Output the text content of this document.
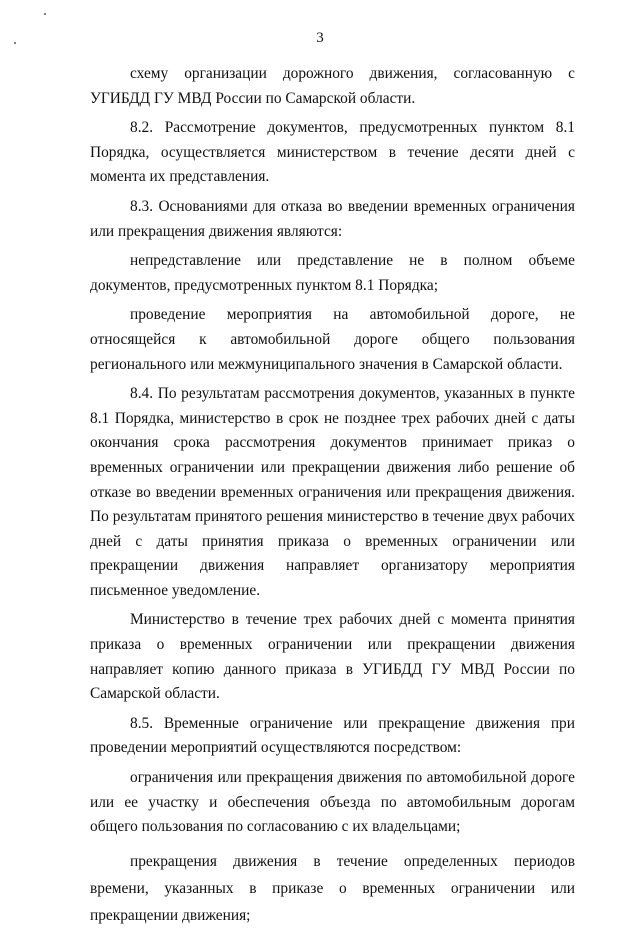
3

схему организации дорожного движения, согласованную с УГИБДД ГУ МВД России по Самарской области.

8.2. Рассмотрение документов, предусмотренных пунктом 8.1 Порядка, осуществляется министерством в течение десяти дней с момента их представления.

8.3. Основаниями для отказа во введении временных ограничения или прекращения движения являются:

непредставление или представление не в полном объеме документов, предусмотренных пунктом 8.1 Порядка;

проведение мероприятия на автомобильной дороге, не относящейся к автомобильной дороге общего пользования регионального или межмуниципального значения в Самарской области.

8.4. По результатам рассмотрения документов, указанных в пункте 8.1 Порядка, министерство в срок не позднее трех рабочих дней с даты окончания срока рассмотрения документов принимает приказ о временных ограничении или прекращении движения либо решение об отказе во введении временных ограничения или прекращения движения. По результатам принятого решения министерство в течение двух рабочих дней с даты принятия приказа о временных ограничении или прекращении движения направляет организатору мероприятия письменное уведомление.

Министерство в течение трех рабочих дней с момента принятия приказа о временных ограничении или прекращении движения направляет копию данного приказа в УГИБДД ГУ МВД России по Самарской области.

8.5. Временные ограничение или прекращение движения при проведении мероприятий осуществляются посредством:

ограничения или прекращения движения по автомобильной дороге или ее участку и обеспечения объезда по автомобильным дорогам общего пользования по согласованию с их владельцами;

прекращения движения в течение определенных периодов времени, указанных в приказе о временных ограничении или прекращении движения;
